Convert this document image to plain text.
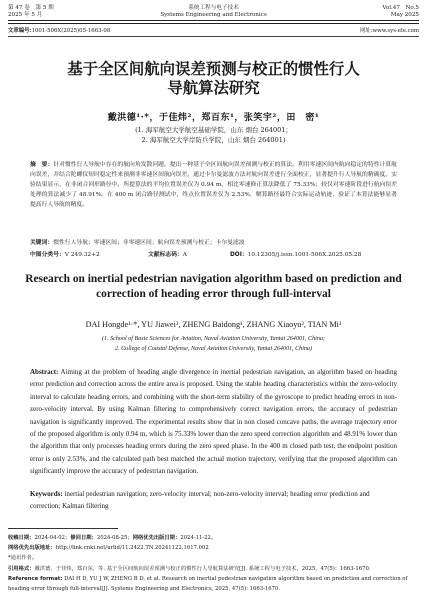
第 47 卷　第 5 期
2025 年 5 月
系统工程与电子技术
Systems Engineering and Electronics
Vol.47　No.5
May 2025
文章编号:1001-506X(2025)05-1663-08	网址:www.sys-ele.com
基于全区间航向误差预测与校正的惯性行人
导航算法研究
戴洪德¹·*，于佳炜²，郑百东¹，张笑宇²，田　密¹
(1. 海军航空大学航空基础学院，山东 烟台 264001；
2. 海军航空大学岸防兵学院，山东 烟台 264001)
摘　要：针对惯性行人导航中存在的航向角发散问题，提出一种基于全区间航向误差预测与校正的算法。利用零速区间内航向稳定的特性计算航向误差，并结合陀螺仪短时稳定性来预测非零速区间航向误差。通过卡尔曼滤波方法对航向误差进行全面校正，显著提升行人导航的精确度。实验结果显示，在非闭合回形路径中，所提算法的平均位置误差仅为 0.94 m，相比零速修正算法降低了 75.33%；较仅对零速阶段进行航向误差处理的算法减少了 48.91%。在 400 m 闭合路径测试中，终点位置误差仅为 2.53%，解算路径最符合实际运动轨迹，验证了本算法能够显著提高行人导航的精度。
关键词：惯性行人导航；零速区间；非零速区间；航向误差预测与校正；卡尔曼滤波
中图分类号：V 249.32+2	文献标志码：A	DOI：10.12305/j.issn.1001-506X.2025.05.28
Research on inertial pedestrian navigation algorithm based on prediction and correction of heading error through full-interval
DAI Hongde¹·*, YU Jiawei², ZHENG Baidong¹, ZHANG Xiaoyu², TIAN Mi¹
(1. School of Basic Sciences for Aviation, Naval Aviation University, Yantai 264001, China;
2. College of Coastal Defense, Naval Aviation University, Yantai 264001, China)
Abstract: Aiming at the problem of heading angle divergence in inertial pedestrian navigation, an algorithm based on heading error prediction and correction across the entire area is proposed. Using the stable heading characteristics within the zero-velocity interval to calculate heading errors, and combining with the short-term stability of the gyroscope to predict heading errors in non-zero-velocity interval. By using Kalman filtering to comprehensively correct navigation errors, the accuracy of pedestrian navigation is significantly improved. The experimental results show that in non closed concave paths, the average trajectory error of the proposed algorithm is only 0.94 m, which is 75.33% lower than the zero speed correction algorithm and 48.91% lower than the algorithm that only processes heading errors during the zero speed phase. In the 400 m closed path test, the endpoint position error is only 2.53%, and the calculated path best matched the actual motion trajectory, verifying that the proposed algorithm can significantly improve the accuracy of pedestrian navigation.
Keywords: inertial pedestrian navigation; zero-velocity interval; non-zero-velocity interval; heading error prediction and correction; Kalman filtering
收稿日期：2024-04-02；修回日期：2024-08-25；网络优先出版日期：2024-11-22。
网络优先出版地址：http://link.cnki.net/urlid/11.2422.TN.20241122.1617.002
*通讯作者。
引用格式：戴洪德，于佳炜，郑百东，等. 基于全区间航向误差预测与校正的惯性行人导航算法研究[J]. 系统工程与电子技术，2025，47(5)：1663-1670.
Reference format: DAI H D, YU J W, ZHENG B D, et al. Research on inertial pedestrian navigation algorithm based on prediction and correction of heading error through full-interval[J]. Systems Engineering and Electronics, 2025, 47(5): 1663-1670.
